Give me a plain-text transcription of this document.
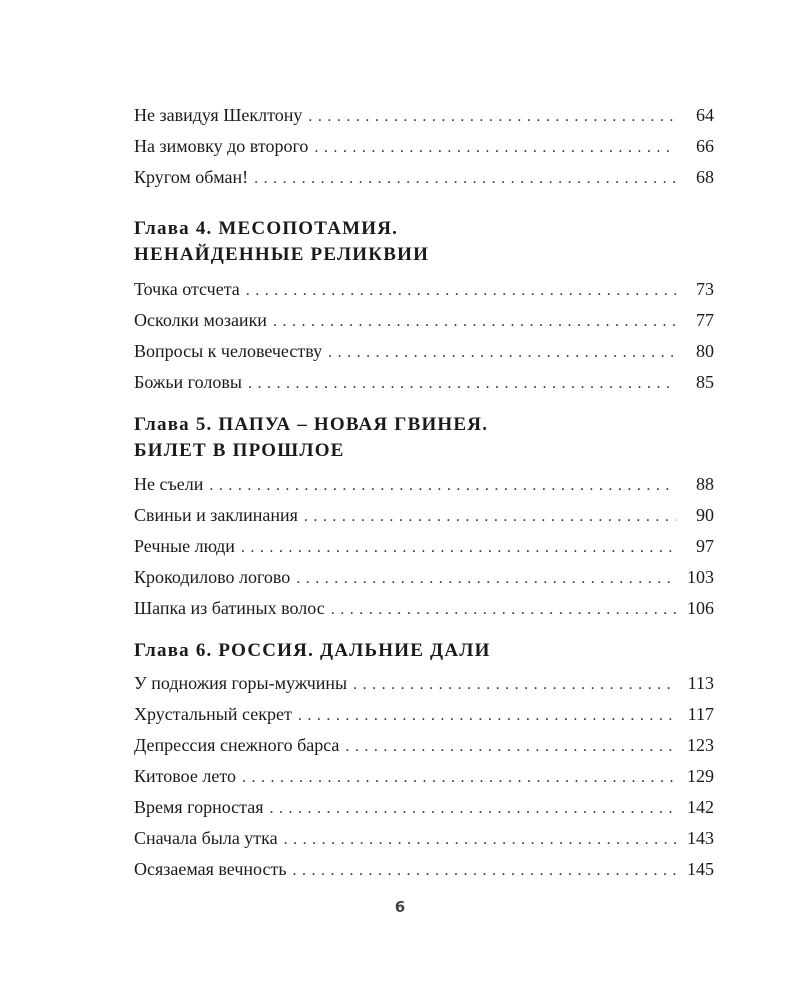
Не завидуя Шеклтону . . .	64
На зимовку до второго . . .	66
Кругом обман! . . .	68
Глава 4. МЕСОПОТАМИЯ.
НЕНАЙДЕННЫЕ РЕЛИКВИИ
Точка отсчета . . .	73
Осколки мозаики . . .	77
Вопросы к человечеству . . .	80
Божьи головы . . .	85
Глава 5. ПАПУА – НОВАЯ ГВИНЕЯ.
БИЛЕТ В ПРОШЛОЕ
Не съели . . .	88
Свиньи и заклинания . . .	90
Речные люди . . .	97
Крокодилово логово . . .	103
Шапка из батиных волос . . .	106
Глава 6. РОССИЯ. ДАЛЬНИЕ ДАЛИ
У подножия горы-мужчины . . .	113
Хрустальный секрет . . .	117
Депрессия снежного барса . . .	123
Китовое лето . . .	129
Время горностая . . .	142
Сначала была утка . . .	143
Осязаемая вечность . . .	145
6
